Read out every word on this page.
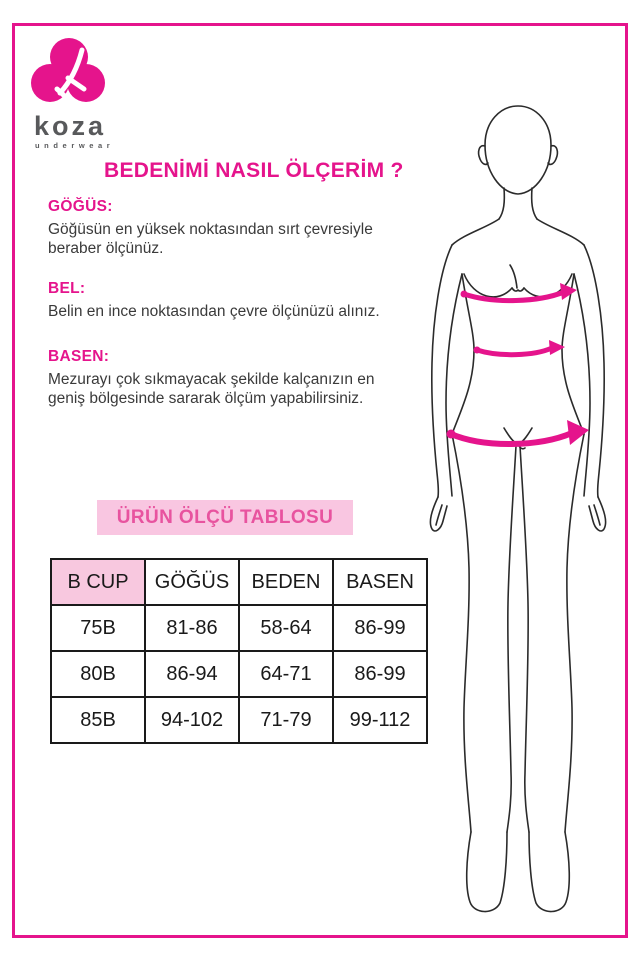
koza
underwear
BEDENİMİ NASIL ÖLÇERİM ?
GÖĞÜS:

Göğüsün en yüksek noktasından sırt çevresiyle beraber ölçünüz.

BEL:

Belin en ince noktasından çevre ölçünüzü alınız.

BASEN:

Mezurayı çok sıkmayacak şekilde kalçanızın en geniş bölgesinde sararak ölçüm yapabilirsiniz.

ÜRÜN ÖLÇÜ TABLOSU
B CUP	GÖĞÜS	BEDEN	BASEN
75B	81-86	58-64	86-99
80B	86-94	64-71	86-99
85B	94-102	71-79	99-112
